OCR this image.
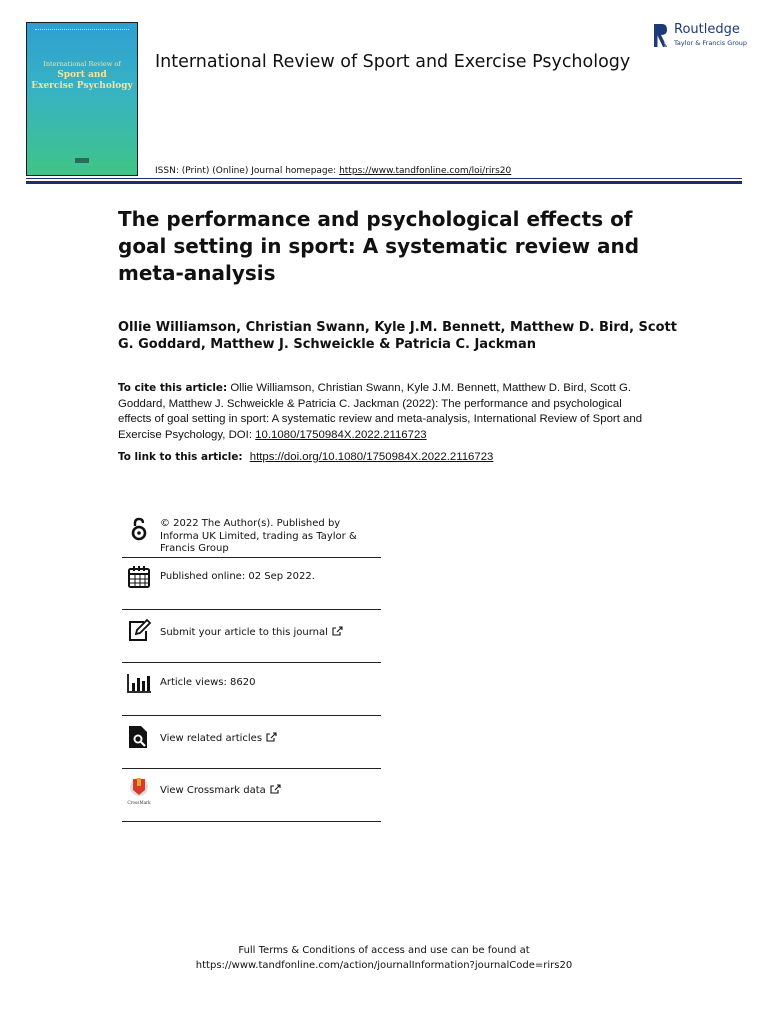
International Review of
Sport and
Exercise Psychology
International Review of Sport and Exercise Psychology
ISSN: (Print) (Online) Journal homepage: https://www.tandfonline.com/loi/rirs20
Routledge
Routledge
Taylor & Francis Group
The performance and psychological effects of goal setting in sport: A systematic review and meta-analysis

Ollie Williamson, Christian Swann, Kyle J.M. Bennett, Matthew D. Bird, Scott G. Goddard, Matthew J. Schweickle & Patricia C. Jackman

To cite this article: Ollie Williamson, Christian Swann, Kyle J.M. Bennett, Matthew D. Bird, Scott G. Goddard, Matthew J. Schweickle & Patricia C. Jackman (2022): The performance and psychological effects of goal setting in sport: A systematic review and meta-analysis, International Review of Sport and Exercise Psychology, DOI: 10.1080/1750984X.2022.2116723

To link to this article: https://doi.org/10.1080/1750984X.2022.2116723

© 2022 The Author(s). Published by Informa UK Limited, trading as Taylor & Francis Group
Published online: 02 Sep 2022.
Submit your article to this journal
Article views: 8620
View related articles
CrossMark
View Crossmark data
Full Terms & Conditions of access and use can be found at
https://www.tandfonline.com/action/journalInformation?journalCode=rirs20
